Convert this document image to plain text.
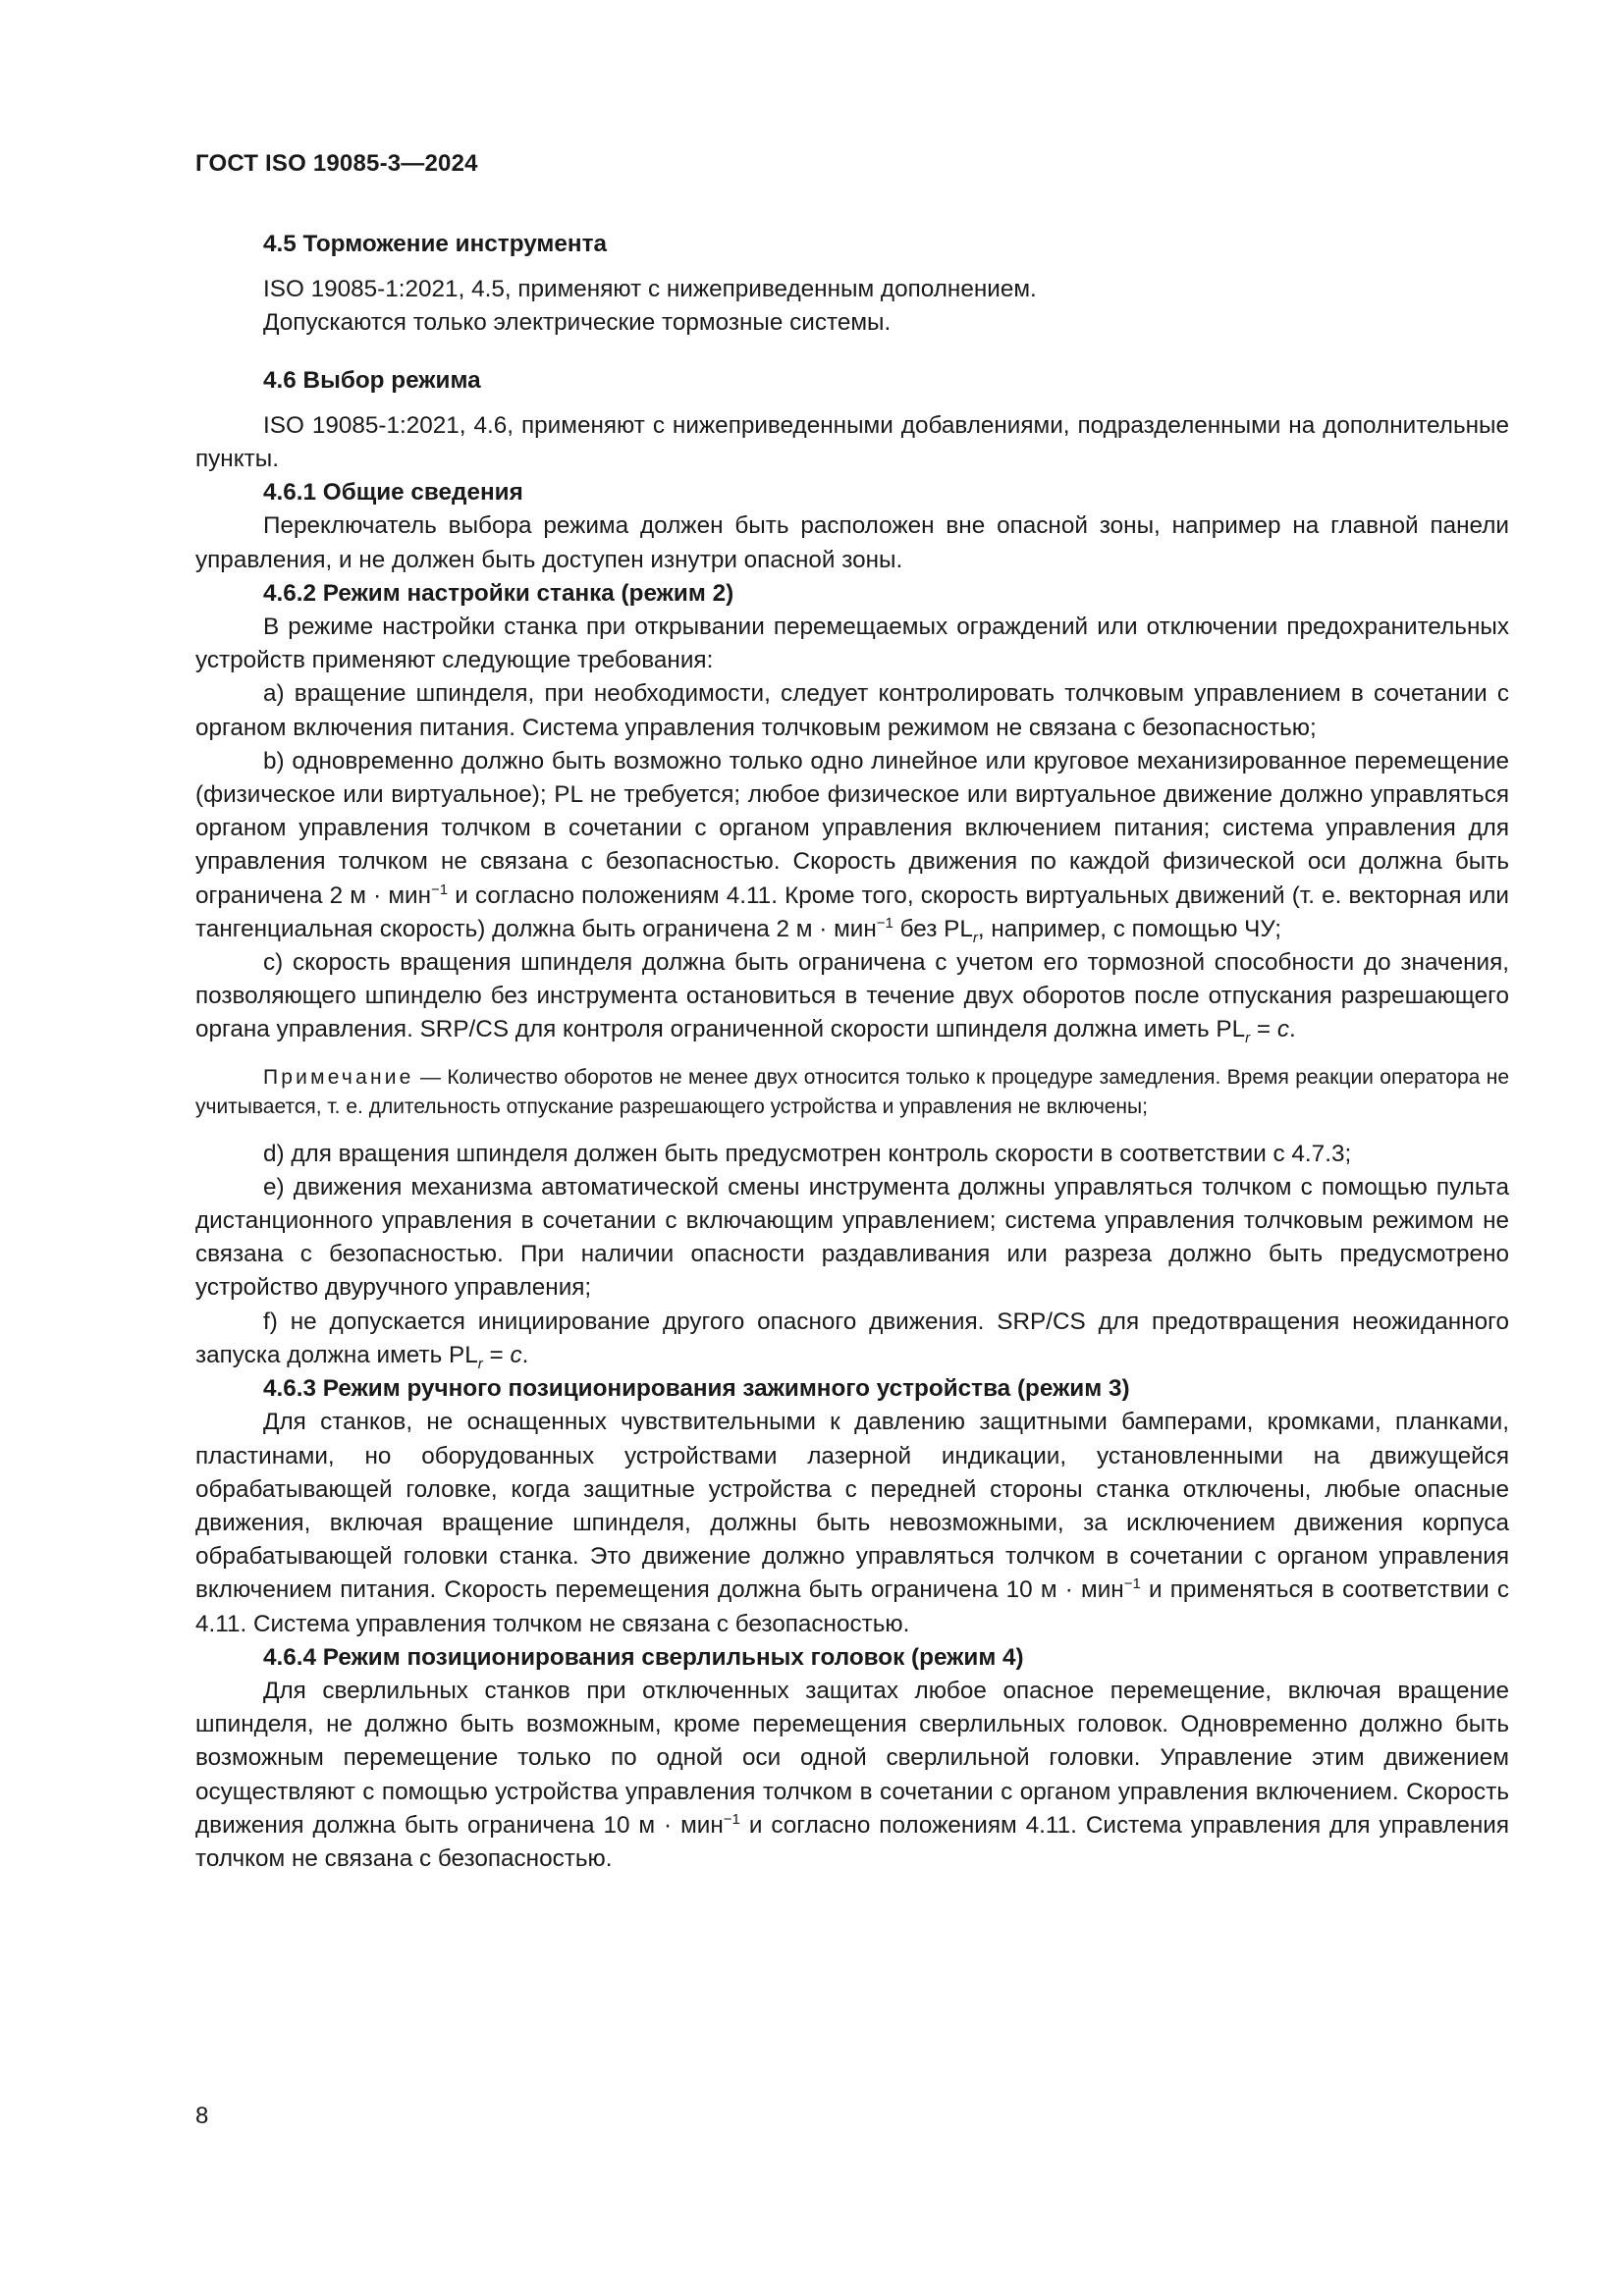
ГОСТ ISO 19085-3—2024

4.5 Торможение инструмента

ISO 19085-1:2021, 4.5, применяют с нижеприведенным дополнением.

Допускаются только электрические тормозные системы.

4.6 Выбор режима

ISO 19085-1:2021, 4.6, применяют с нижеприведенными добавлениями, подразделенными на дополнительные пункты.

4.6.1 Общие сведения

Переключатель выбора режима должен быть расположен вне опасной зоны, например на главной панели управления, и не должен быть доступен изнутри опасной зоны.

4.6.2 Режим настройки станка (режим 2)

В режиме настройки станка при открывании перемещаемых ограждений или отключении предохранительных устройств применяют следующие требования:

a) вращение шпинделя, при необходимости, следует контролировать толчковым управлением в сочетании с органом включения питания. Система управления толчковым режимом не связана с безопасностью;

b) одновременно должно быть возможно только одно линейное или круговое механизированное перемещение (физическое или виртуальное); PL не требуется; любое физическое или виртуальное движение должно управляться органом управления толчком в сочетании с органом управления включением питания; система управления для управления толчком не связана с безопасностью. Скорость движения по каждой физической оси должна быть ограничена 2 м · мин$^{-1}$ и согласно положениям 4.11. Кроме того, скорость виртуальных движений (т. е. векторная или тангенциальная скорость) должна быть ограничена 2 м · мин$^{-1}$ без $PL_r$, например, с помощью ЧУ;

c) скорость вращения шпинделя должна быть ограничена с учетом его тормозной способности до значения, позволяющего шпинделю без инструмента остановиться в течение двух оборотов после отпускания разрешающего органа управления. SRP/CS для контроля ограниченной скорости шпинделя должна иметь $PL_r = c$.

Примечание — Количество оборотов не менее двух относится только к процедуре замедления. Время реакции оператора не учитывается, т. е. длительность отпускание разрешающего устройства и управления не включены;

d) для вращения шпинделя должен быть предусмотрен контроль скорости в соответствии с 4.7.3;

e) движения механизма автоматической смены инструмента должны управляться толчком с помощью пульта дистанционного управления в сочетании с включающим управлением; система управления толчковым режимом не связана с безопасностью. При наличии опасности раздавливания или разреза должно быть предусмотрено устройство двуручного управления;

f) не допускается инициирование другого опасного движения. SRP/CS для предотвращения неожиданного запуска должна иметь $PL_r = c$.

4.6.3 Режим ручного позиционирования зажимного устройства (режим 3)

Для станков, не оснащенных чувствительными к давлению защитными бамперами, кромками, планками, пластинами, но оборудованных устройствами лазерной индикации, установленными на движущейся обрабатывающей головке, когда защитные устройства с передней стороны станка отключены, любые опасные движения, включая вращение шпинделя, должны быть невозможными, за исключением движения корпуса обрабатывающей головки станка. Это движение должно управляться толчком в сочетании с органом управления включением питания. Скорость перемещения должна быть ограничена 10 м · мин$^{-1}$ и применяться в соответствии с 4.11. Система управления толчком не связана с безопасностью.

4.6.4 Режим позиционирования сверлильных головок (режим 4)

Для сверлильных станков при отключенных защитах любое опасное перемещение, включая вращение шпинделя, не должно быть возможным, кроме перемещения сверлильных головок. Одновременно должно быть возможным перемещение только по одной оси одной сверлильной головки. Управление этим движением осуществляют с помощью устройства управления толчком в сочетании с органом управления включением. Скорость движения должна быть ограничена 10 м · мин$^{-1}$ и согласно положениям 4.11. Система управления для управления толчком не связана с безопасностью.

8
